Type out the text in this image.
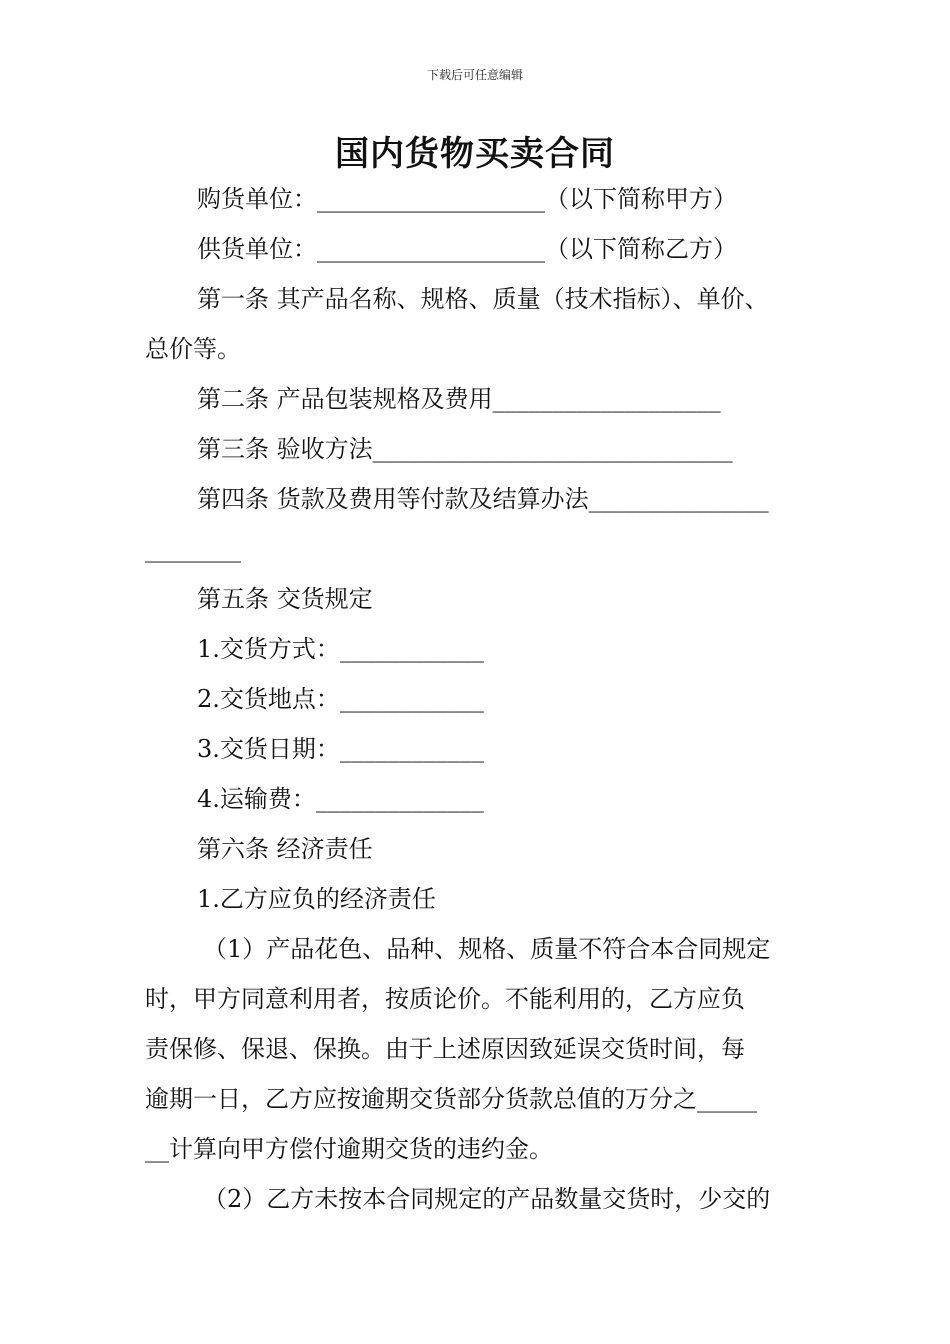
下载后可任意编辑
国内货物买卖合同
购货单位：___________________（以下简称甲方）
供货单位：___________________（以下简称乙方）
第一条 其产品名称、规格、质量（技术指标）、单价、
总价等。
第二条 产品包装规格及费用___________________
第三条 验收方法______________________________
第四条 货款及费用等付款及结算办法_______________
________
第五条 交货规定
1.交货方式：____________
2.交货地点：____________
3.交货日期：____________
4.运输费：______________
第六条 经济责任
1.乙方应负的经济责任
（1）产品花色、品种、规格、质量不符合本合同规定
时，甲方同意利用者，按质论价。不能利用的，乙方应负
责保修、保退、保换。由于上述原因致延误交货时间，每
逾期一日，乙方应按逾期交货部分货款总值的万分之_____
__计算向甲方偿付逾期交货的违约金。
（2）乙方未按本合同规定的产品数量交货时，少交的
